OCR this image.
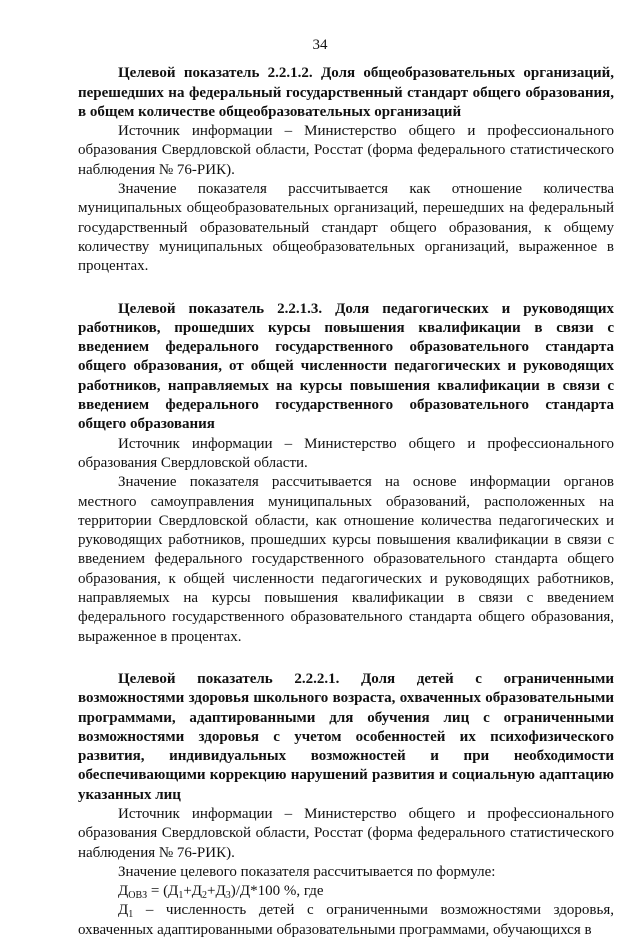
34

Целевой показатель 2.2.1.2. Доля общеобразовательных организаций, перешедших на федеральный государственный стандарт общего образования, в общем количестве общеобразовательных организаций

Источник информации – Министерство общего и профессионального образования Свердловской области, Росстат (форма федерального статистического наблюдения № 76-РИК).

Значение показателя рассчитывается как отношение количества муниципальных общеобразовательных организаций, перешедших на федеральный государственный образовательный стандарт общего образования, к общему количеству муниципальных общеобразовательных организаций, выраженное в процентах.

Целевой показатель 2.2.1.3. Доля педагогических и руководящих работников, прошедших курсы повышения квалификации в связи с введением федерального государственного образовательного стандарта общего образования, от общей численности педагогических и руководящих работников, направляемых на курсы повышения квалификации в связи с введением федерального государственного образовательного стандарта общего образования

Источник информации – Министерство общего и профессионального образования Свердловской области.

Значение показателя рассчитывается на основе информации органов местного самоуправления муниципальных образований, расположенных на территории Свердловской области, как отношение количества педагогических и руководящих работников, прошедших курсы повышения квалификации в связи с введением федерального государственного образовательного стандарта общего образования, к общей численности педагогических и руководящих работников, направляемых на курсы повышения квалификации в связи с введением федерального государственного образовательного стандарта общего образования, выраженное в процентах.

Целевой показатель 2.2.2.1. Доля детей с ограниченными возможностями здоровья школьного возраста, охваченных образовательными программами, адаптированными для обучения лиц с ограниченными возможностями здоровья с учетом особенностей их психофизического развития, индивидуальных возможностей и при необходимости обеспечивающими коррекцию нарушений развития и социальную адаптацию указанных лиц

Источник информации – Министерство общего и профессионального образования Свердловской области, Росстат (форма федерального статистического наблюдения № 76-РИК).

Значение целевого показателя рассчитывается по формуле:

$Д_{ОВЗ} = (Д_1+Д_2+Д_3)/Д*100$ %, где

$Д_1$ – численность детей с ограниченными возможностями здоровья, охваченных адаптированными образовательными программами, обучающихся в
